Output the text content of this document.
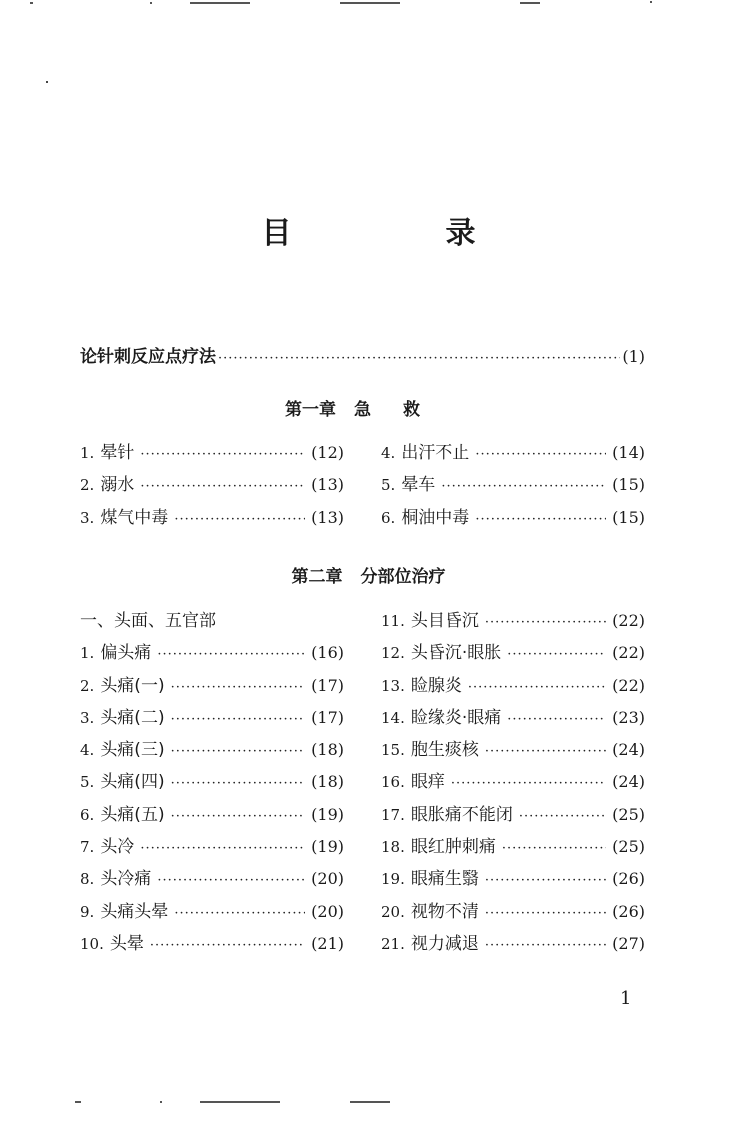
目　录
论针刺反应点疗法 ·····	(1)
第一章 急救
1. 晕针 ·····	(12)
2. 溺水 ·····	(13)
3. 煤气中毒 ·····	(13)
4. 出汗不止 ·····	(14)
5. 晕车 ·····	(15)
6. 桐油中毒 ·····	(15)
第二章 分部位治疗
一、头面、五官部
1. 偏头痛 ·····	(16)
2. 头痛(一) ·····	(17)
3. 头痛(二) ·····	(17)
4. 头痛(三) ·····	(18)
5. 头痛(四) ·····	(18)
6. 头痛(五) ·····	(19)
7. 头冷 ·····	(19)
8. 头冷痛 ·····	(20)
9. 头痛头晕 ·····	(20)
10. 头晕 ·····	(21)
11. 头目昏沉 ·····	(22)
12. 头昏沉·眼胀 ·····	(22)
13. 睑腺炎 ·····	(22)
14. 睑缘炎·眼痛 ·····	(23)
15. 胞生痰核 ·····	(24)
16. 眼痒 ·····	(24)
17. 眼胀痛不能闭 ·····	(25)
18. 眼红肿刺痛 ·····	(25)
19. 眼痛生翳 ·····	(26)
20. 视物不清 ·····	(26)
21. 视力减退 ·····	(27)
1
